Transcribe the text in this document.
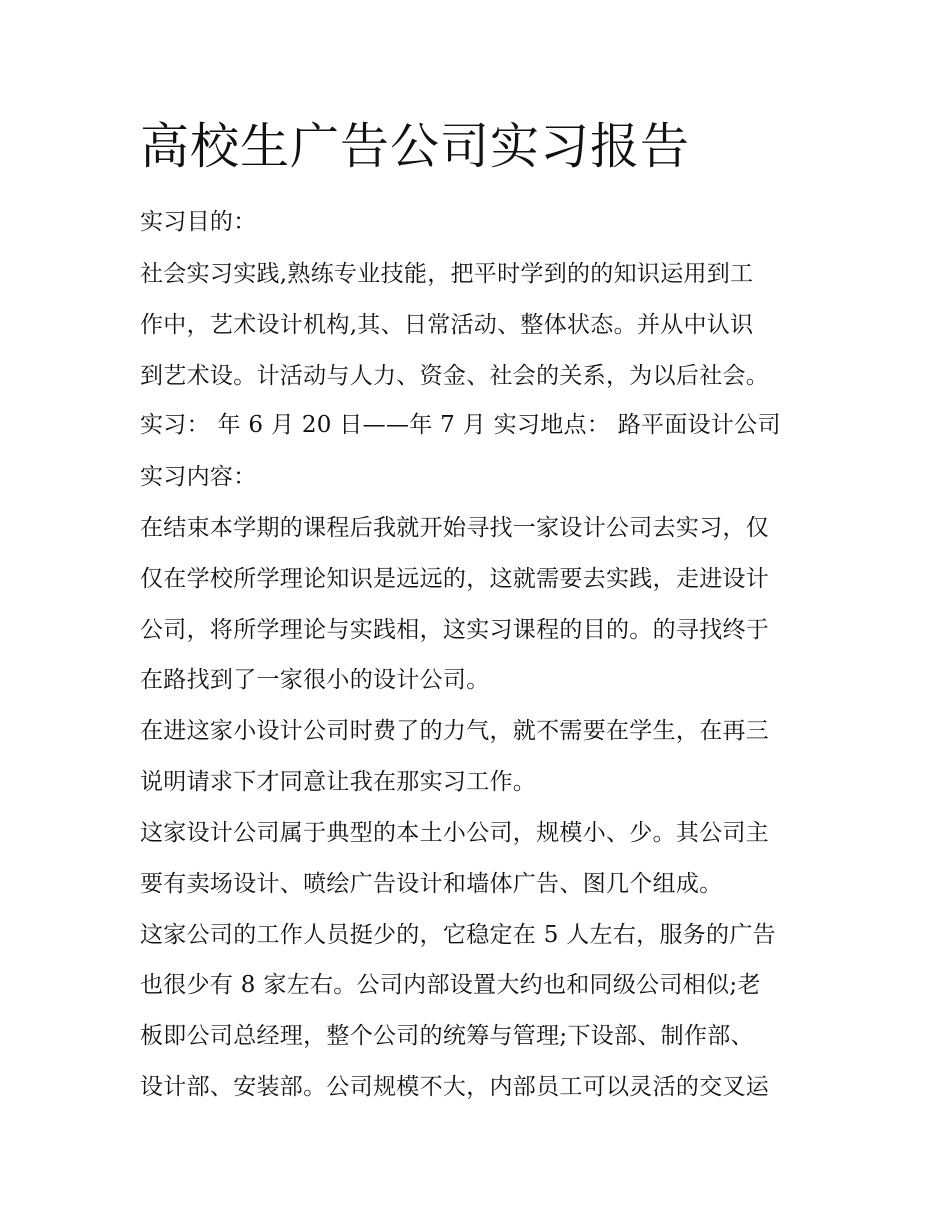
高校生广告公司实习报告

实习目的：

社会实习实践,熟练专业技能，把平时学到的的知识运用到工

作中，艺术设计机构,其、日常活动、整体状态。并从中认识

到艺术设。计活动与人力、资金、社会的关系，为以后社会。

实习： 年 6 月 20 日——年 7 月 实习地点： 路平面设计公司

实习内容：

在结束本学期的课程后我就开始寻找一家设计公司去实习，仅

仅在学校所学理论知识是远远的，这就需要去实践，走进设计

公司，将所学理论与实践相，这实习课程的目的。的寻找终于

在路找到了一家很小的设计公司。

在进这家小设计公司时费了的力气，就不需要在学生，在再三

说明请求下才同意让我在那实习工作。

这家设计公司属于典型的本土小公司，规模小、少。其公司主

要有卖场设计、喷绘广告设计和墙体广告、图几个组成。

这家公司的工作人员挺少的，它稳定在 5 人左右，服务的广告

也很少有 8 家左右。公司内部设置大约也和同级公司相似;老

板即公司总经理，整个公司的统筹与管理;下设部、制作部、

设计部、安装部。公司规模不大，内部员工可以灵活的交叉运
